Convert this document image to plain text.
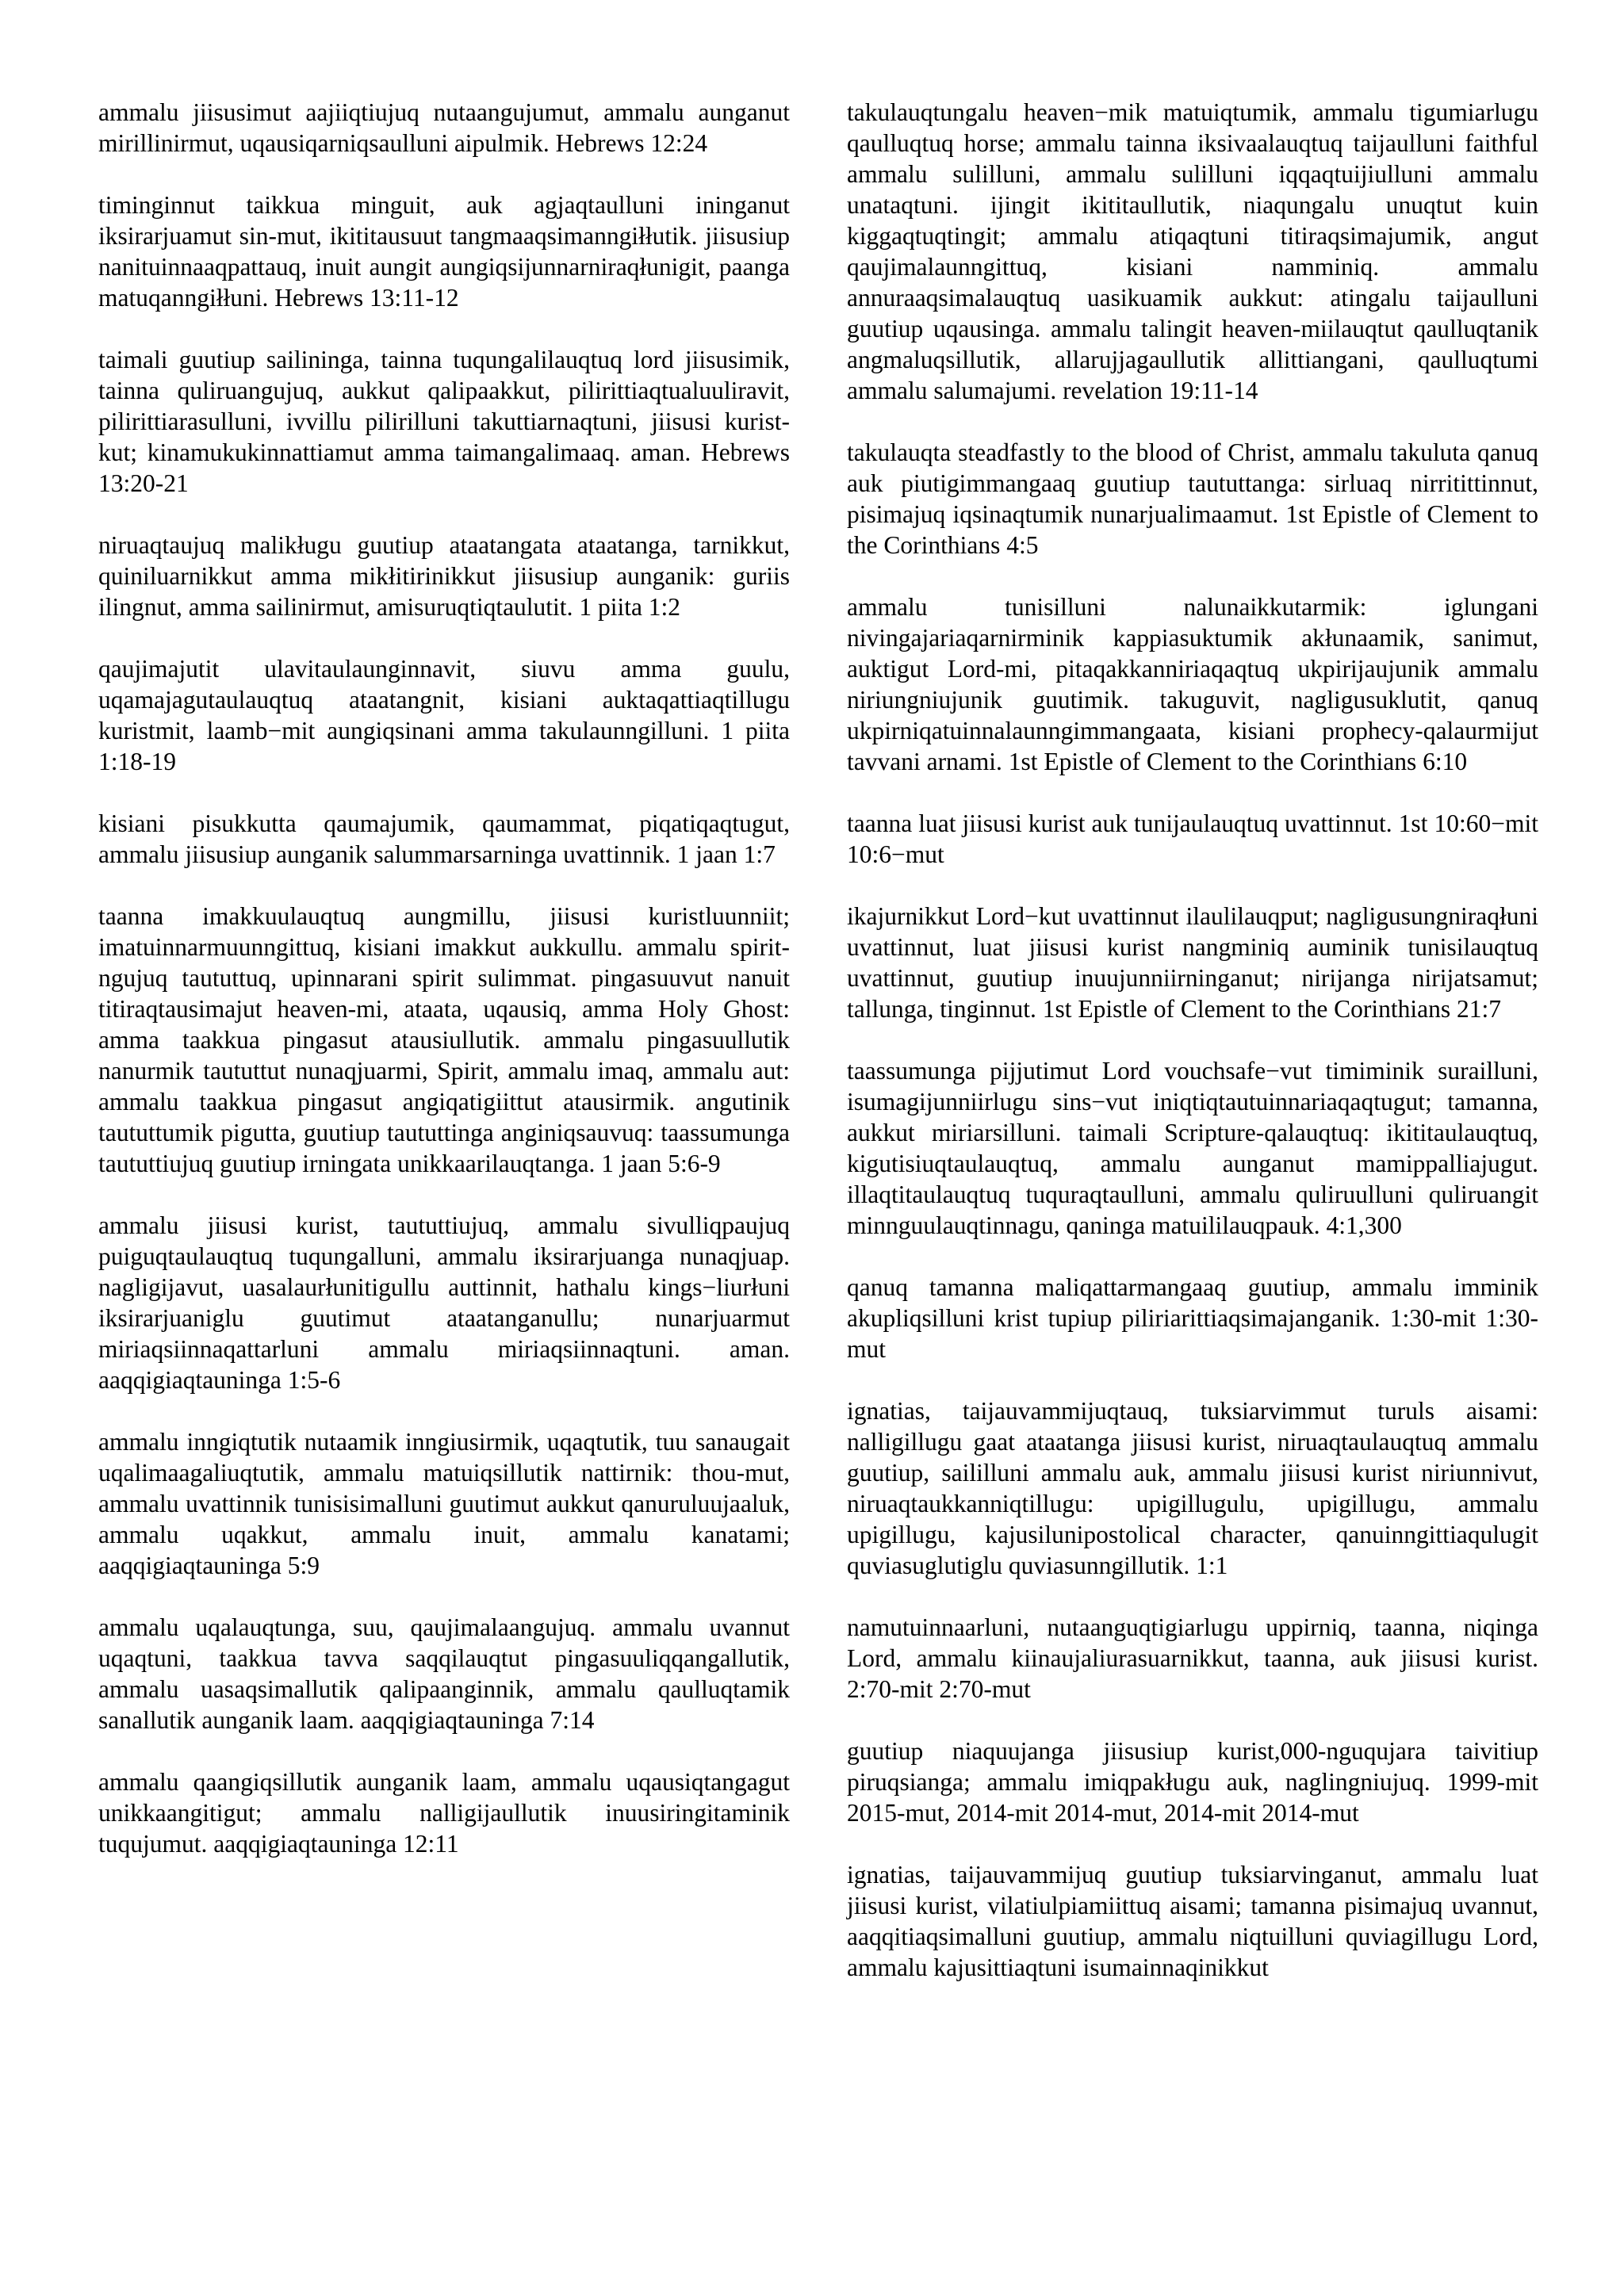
ammalu jiisusimut aajiiqtiujuq nutaangujumut, ammalu aunganut mirillinirmut, uqausiqarniqsaulluni aipulmik. Hebrews 12:24

timinginnut taikkua minguit, auk agjaqtaulluni ininganut iksirarjuamut sin-mut, ikititausuut tangmaaqsimanngiłłutik. jiisusiup nanituinnaaqpattauq, inuit aungit aungiqsijunnarniraqłunigit, paanga matuqanngiłłuni. Hebrews 13:11-12

taimali guutiup sailininga, tainna tuqungalilauqtuq lord jiisusimik, tainna quliruangujuq, aukkut qalipaakkut, pilirittiaqtualuuliravit, pilirittiarasulluni, ivvillu pilirilluni takuttiarnaqtuni, jiisusi kurist-kut; kinamukukinnattiamut amma taimangalimaaq. aman. Hebrews 13:20-21

niruaqtaujuq malikługu guutiup ataatangata ataatanga, tarnikkut, quiniluarnikkut amma mikłitirinikkut jiisusiup aunganik: guriis ilingnut, amma sailinirmut, amisuruqtiqtaulutit. 1 piita 1:2

qaujimajutit ulavitaulaunginnavit, siuvu amma guulu, uqamajagutaulauqtuq ataatangnit, kisiani auktaqattiaqtillugu kuristmit, laamb−mit aungiqsinani amma takulaunngilluni. 1 piita 1:18-19

kisiani pisukkutta qaumajumik, qaumammat, piqatiqaqtugut, ammalu jiisusiup aunganik salummarsarninga uvattinnik. 1 jaan 1:7

taanna imakkuulauqtuq aungmillu, jiisusi kuristluunniit; imatuinnarmuunngittuq, kisiani imakkut aukkullu. ammalu spirit-ngujuq taututtuq, upinnarani spirit sulimmat. pingasuuvut nanuit titiraqtausimajut heaven-mi, ataata, uqausiq, amma Holy Ghost: amma taakkua pingasut atausiullutik. ammalu pingasuullutik nanurmik taututtut nunaqjuarmi, Spirit, ammalu imaq, ammalu aut: ammalu taakkua pingasut angiqatigiittut atausirmik. angutinik taututtumik pigutta, guutiup taututtinga anginiqsauvuq: taassumunga taututtiujuq guutiup irningata unikkaarilauqtanga. 1 jaan 5:6-9

ammalu jiisusi kurist, taututtiujuq, ammalu sivulliqpaujuq puiguqtaulauqtuq tuqungalluni, ammalu iksirarjuanga nunaqjuap. nagligijavut, uasalaurłunitigullu auttinnit, hathalu kings−liurłuni iksirarjuaniglu guutimut ataatanganullu; nunarjuarmut miriaqsiinnaqattarluni ammalu miriaqsiinnaqtuni. aman. aaqqigiaqtauninga 1:5-6

ammalu inngiqtutik nutaamik inngiusirmik, uqaqtutik, tuu sanaugait uqalimaagaliuqtutik, ammalu matuiqsillutik nattirnik: thou-mut, ammalu uvattinnik tunisisimalluni guutimut aukkut qanuruluujaaluk, ammalu uqakkut, ammalu inuit, ammalu kanatami; aaqqigiaqtauninga 5:9

ammalu uqalauqtunga, suu, qaujimalaangujuq. ammalu uvannut uqaqtuni, taakkua tavva saqqilauqtut pingasuuliqqangallutik, ammalu uasaqsimallutik qalipaanginnik, ammalu qaulluqtamik sanallutik aunganik laam. aaqqigiaqtauninga 7:14

ammalu qaangiqsillutik aunganik laam, ammalu uqausiqtangagut unikkaangitigut; ammalu nalligijaullutik inuusiringitaminik tuqujumut. aaqqigiaqtauninga 12:11

takulauqtungalu heaven−mik matuiqtumik, ammalu tigumiarlugu qaulluqtuq horse; ammalu tainna iksivaalauqtuq taijaulluni faithful ammalu sulilluni, ammalu sulilluni iqqaqtuijiulluni ammalu unataqtuni. ijingit ikititaullutik, niaqungalu unuqtut kuin kiggaqtuqtingit; ammalu atiqaqtuni titiraqsimajumik, angut qaujimalaunngittuq, kisiani namminiq. ammalu annuraaqsimalauqtuq uasikuamik aukkut: atingalu taijaulluni guutiup uqausinga. ammalu talingit heaven-miilauqtut qaulluqtanik angmaluqsillutik, allarujjagaullutik allittiangani, qaulluqtumi ammalu salumajumi. revelation 19:11-14

takulauqta steadfastly to the blood of Christ, ammalu takuluta qanuq auk piutigimmangaaq guutiup taututtanga: sirluaq nirritittinnut, pisimajuq iqsinaqtumik nunarjualimaamut. 1st Epistle of Clement to the Corinthians 4:5

ammalu tunisilluni nalunaikkutarmik: iglungani nivingajariaqarnirminik kappiasuktumik akłunaamik, sanimut, auktigut Lord-mi, pitaqakkanniriaqaqtuq ukpirijaujunik ammalu niriungniujunik guutimik. takuguvit, nagligusuklutit, qanuq ukpirniqatuinnalaunngimmangaata, kisiani prophecy-qalaurmijut tavvani arnami. 1st Epistle of Clement to the Corinthians 6:10

taanna luat jiisusi kurist auk tunijaulauqtuq uvattinnut. 1st 10:60−mit 10:6−mut

ikajurnikkut Lord−kut uvattinnut ilaulilauqput; nagligusungniraqłuni uvattinnut, luat jiisusi kurist nangminiq auminik tunisilauqtuq uvattinnut, guutiup inuujunniirninganut; nirijanga nirijatsamut; tallunga, tinginnut. 1st Epistle of Clement to the Corinthians 21:7

taassumunga pijjutimut Lord vouchsafe−vut timiminik surailluni, isumagijunniirlugu sins−vut iniqtiqtautuinnariaqaqtugut; tamanna, aukkut miriarsilluni. taimali Scripture-qalauqtuq: ikititaulauqtuq, kigutisiuqtaulauqtuq, ammalu aunganut mamippalliajugut. illaqtitaulauqtuq tuquraqtaulluni, ammalu quliruulluni quliruangit minnguulauqtinnagu, qaninga matuililauqpauk. 4:1,300

qanuq tamanna maliqattarmangaaq guutiup, ammalu imminik akupliqsilluni krist tupiup piliriarittiaqsimajanganik. 1:30-mit 1:30-mut

ignatias, taijauvammijuqtauq, tuksiarvimmut turuls aisami: nalligillugu gaat ataatanga jiisusi kurist, niruaqtaulauqtuq ammalu guutiup, saililluni ammalu auk, ammalu jiisusi kurist niriunnivut, niruaqtaukkanniqtillugu: upigillugulu, upigillugu, ammalu upigillugu, kajusilunipostolical character, qanuinngittiaqulugit quviasuglutiglu quviasunngillutik. 1:1

namutuinnaarluni, nutaanguqtigiarlugu uppirniq, taanna, niqinga Lord, ammalu kiinaujaliurasuarnikkut, taanna, auk jiisusi kurist. 2:70-mit 2:70-mut

guutiup niaquujanga jiisusiup kurist,000-nguqujara taivitiup piruqsianga; ammalu imiqpakługu auk, naglingniujuq. 1999-mit 2015-mut, 2014-mit 2014-mut, 2014-mit 2014-mut

ignatias, taijauvammijuq guutiup tuksiarvinganut, ammalu luat jiisusi kurist, vilatiulpiamiittuq aisami; tamanna pisimajuq uvannut, aaqqitiaqsimalluni guutiup, ammalu niqtuilluni quviagillugu Lord, ammalu kajusittiaqtuni isumainnaqinikkut
